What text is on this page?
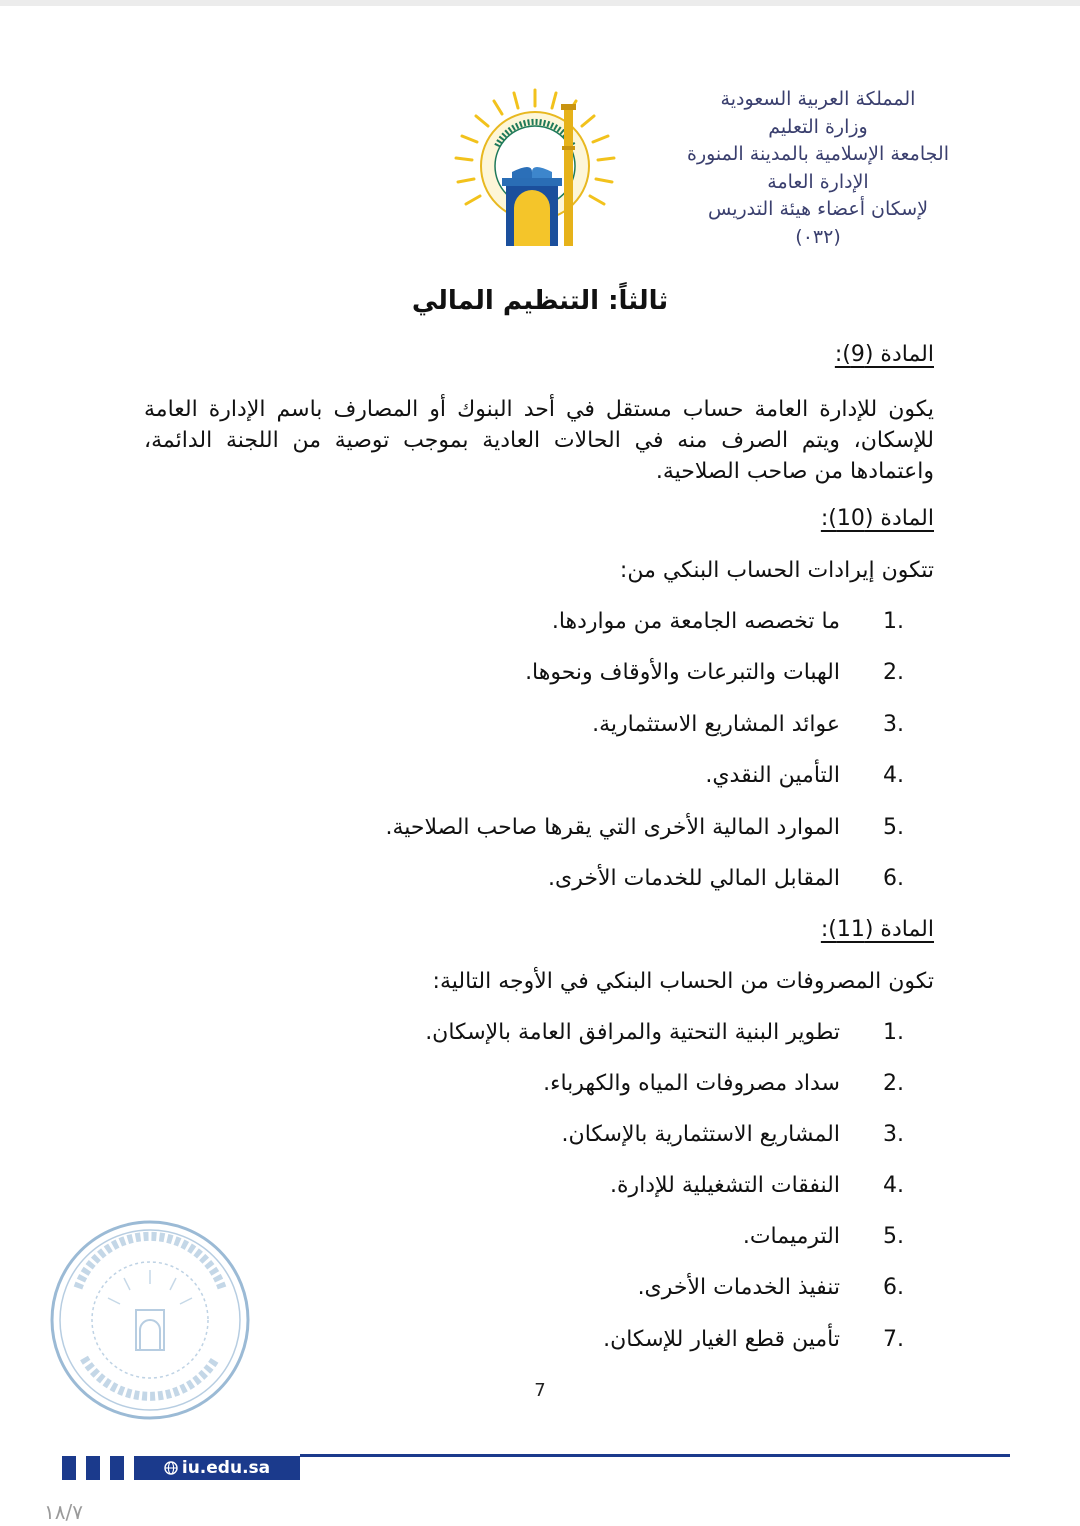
المملكة العربية السعودية
وزارة التعليم
الجامعة الإسلامية بالمدينة المنورة
الإدارة العامة
لإسكان أعضاء هيئة التدريس
(٠٣٢)
ثالثاً: التنظيم المالي
المادة (9):
يكون للإدارة العامة حساب مستقل في أحد البنوك أو المصارف باسم الإدارة العامة للإسكان، ويتم الصرف منه في الحالات العادية بموجب توصية من اللجنة الدائمة، واعتمادها من صاحب الصلاحية.
المادة (10):
تتكون إيرادات الحساب البنكي من:
1.ما تخصصه الجامعة من مواردها.
2.الهبات والتبرعات والأوقاف ونحوها.
3.عوائد المشاريع الاستثمارية.
4.التأمين النقدي.
5.الموارد المالية الأخرى التي يقرها صاحب الصلاحية.
6.المقابل المالي للخدمات الأخرى.
المادة (11):
تكون المصروفات من الحساب البنكي في الأوجه التالية:
1.تطوير البنية التحتية والمرافق العامة بالإسكان.
2.سداد مصروفات المياه والكهرباء.
3.المشاريع الاستثمارية بالإسكان.
4.النفقات التشغيلية للإدارة.
5.الترميمات.
6.تنفيذ الخدمات الأخرى.
7.تأمين قطع الغيار للإسكان.
7
iu.edu.sa
١٨/٧
